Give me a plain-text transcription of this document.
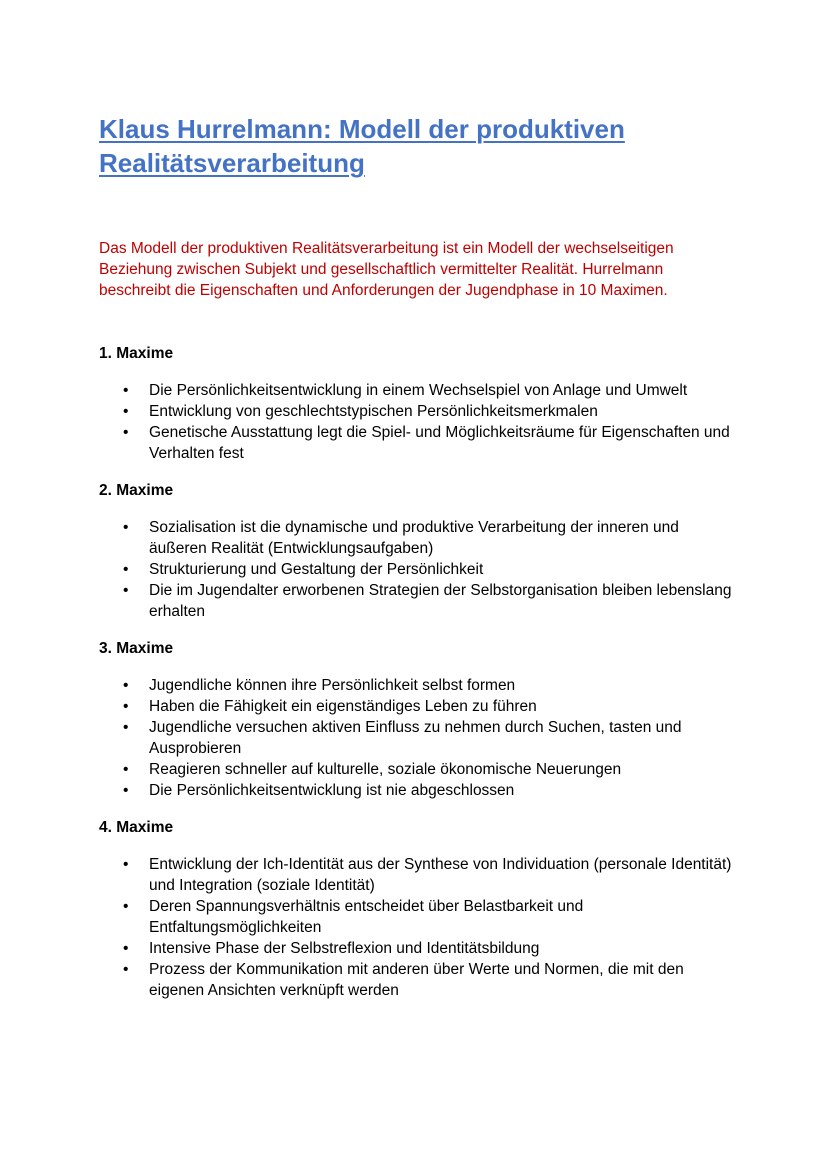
Klaus Hurrelmann: Modell der produktiven Realitätsverarbeitung

Das Modell der produktiven Realitätsverarbeitung ist ein Modell der wechselseitigen Beziehung zwischen Subjekt und gesellschaftlich vermittelter Realität. Hurrelmann beschreibt die Eigenschaften und Anforderungen der Jugendphase in 10 Maximen.

1. Maxime
• Die Persönlichkeitsentwicklung in einem Wechselspiel von Anlage und Umwelt
• Entwicklung von geschlechtstypischen Persönlichkeitsmerkmalen
• Genetische Ausstattung legt die Spiel- und Möglichkeitsräume für Eigenschaften und Verhalten fest
2. Maxime
• Sozialisation ist die dynamische und produktive Verarbeitung der inneren und äußeren Realität (Entwicklungsaufgaben)
• Strukturierung und Gestaltung der Persönlichkeit
• Die im Jugendalter erworbenen Strategien der Selbstorganisation bleiben lebenslang erhalten
3. Maxime
• Jugendliche können ihre Persönlichkeit selbst formen
• Haben die Fähigkeit ein eigenständiges Leben zu führen
• Jugendliche versuchen aktiven Einfluss zu nehmen durch Suchen, tasten und Ausprobieren
• Reagieren schneller auf kulturelle, soziale ökonomische Neuerungen
• Die Persönlichkeitsentwicklung ist nie abgeschlossen
4. Maxime
• Entwicklung der Ich-Identität aus der Synthese von Individuation (personale Identität) und Integration (soziale Identität)
• Deren Spannungsverhältnis entscheidet über Belastbarkeit und Entfaltungsmöglichkeiten
• Intensive Phase der Selbstreflexion und Identitätsbildung
• Prozess der Kommunikation mit anderen über Werte und Normen, die mit den eigenen Ansichten verknüpft werden
